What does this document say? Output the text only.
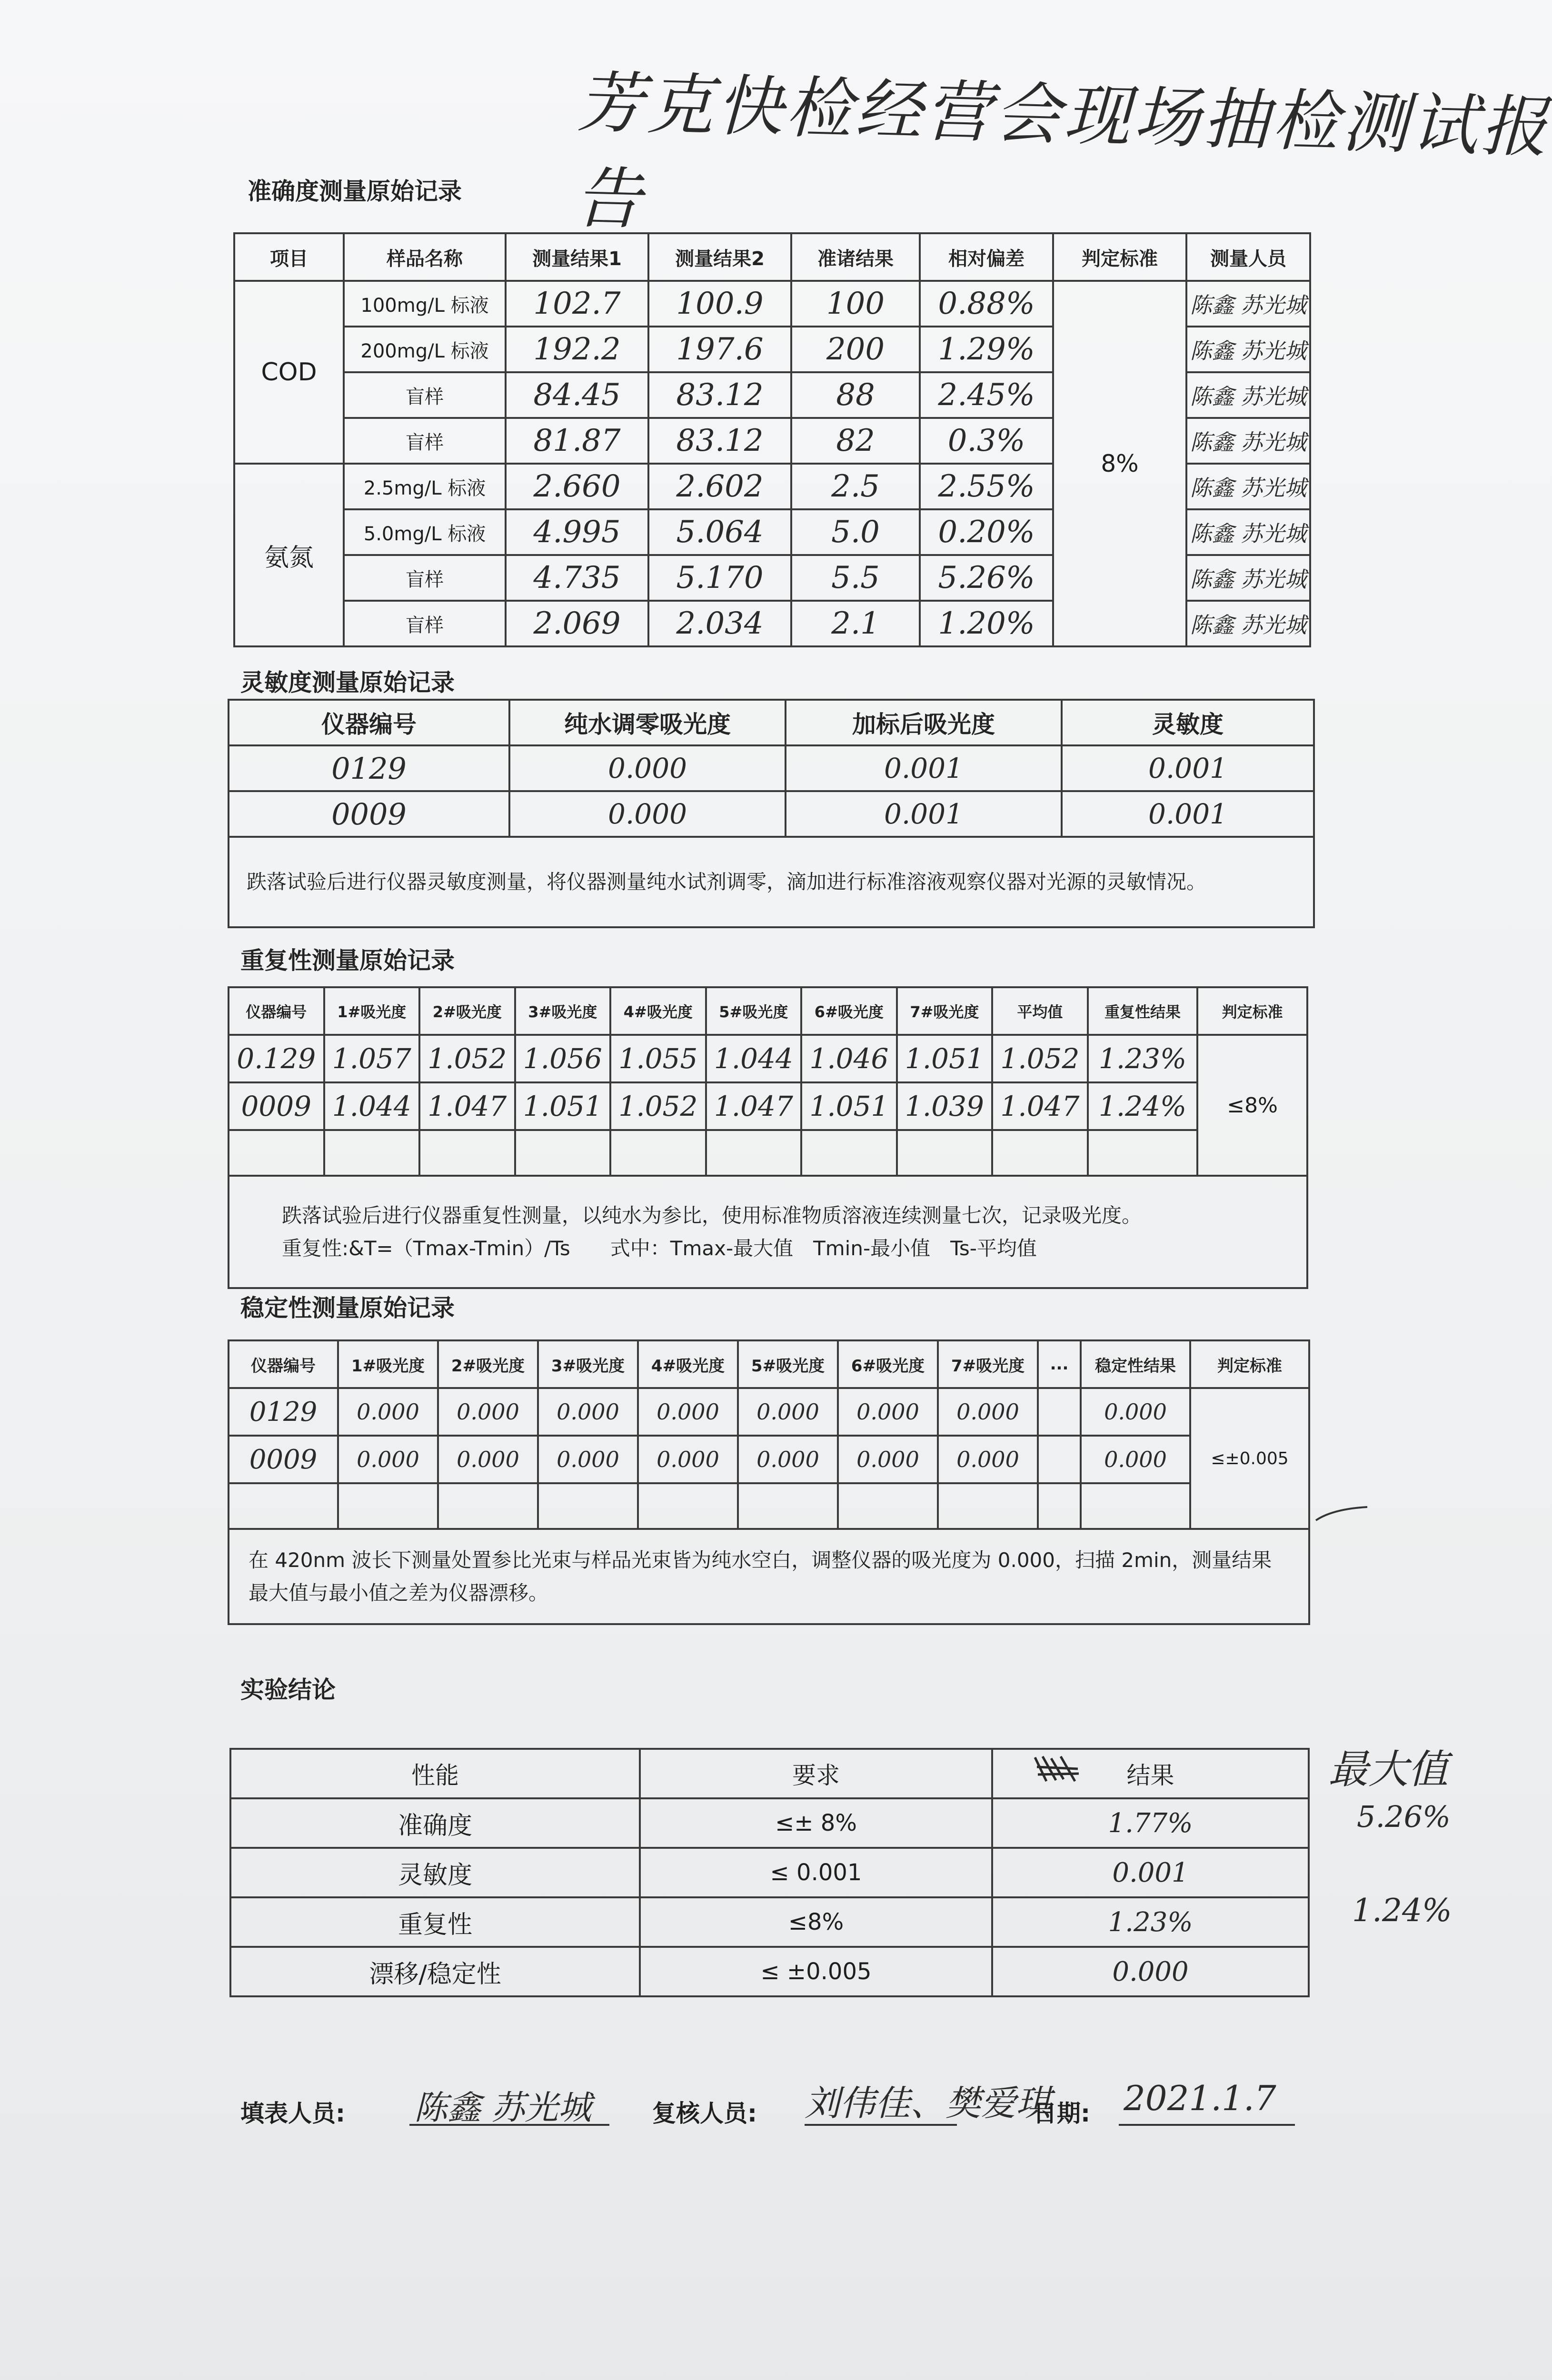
芳克快检经营会现场抽检测试报告
准确度测量原始记录
项目	样品名称	测量结果1	测量结果2	准诸结果	相对偏差	判定标准	测量人员
COD	100mg/L 标液	102.7	100.9	100	0.88%	8%	陈鑫 苏光城
	200mg/L 标液	192.2	197.6	200	1.29%		陈鑫 苏光城
	盲样	84.45	83.12	88	2.45%		陈鑫 苏光城
	盲样	81.87	83.12	82	0.3%		陈鑫 苏光城
氨氮	2.5mg/L 标液	2.660	2.602	2.5	2.55%		陈鑫 苏光城
	5.0mg/L 标液	4.995	5.064	5.0	0.20%		陈鑫 苏光城
	盲样	4.735	5.170	5.5	5.26%		陈鑫 苏光城
	盲样	2.069	2.034	2.1	1.20%		陈鑫 苏光城
灵敏度测量原始记录
仪器编号	纯水调零吸光度	加标后吸光度	灵敏度
0129	0.000	0.001	0.001
0009	0.000	0.001	0.001
跌落试验后进行仪器灵敏度测量，将仪器测量纯水试剂调零，滴加进行标准溶液观察仪器对光源的灵敏情况。			
重复性测量原始记录
仪器编号	1#吸光度	2#吸光度	3#吸光度	4#吸光度	5#吸光度	6#吸光度	7#吸光度	平均值	重复性结果	判定标准
0.129	1.057	1.052	1.056	1.055	1.044	1.046	1.051	1.052	1.23%	≤8%
0009	1.044	1.047	1.051	1.052	1.047	1.051	1.039	1.047	1.24%	

跌落试验后进行仪器重复性测量，以纯水为参比，使用标准物质溶液连续测量七次，记录吸光度。
重复性:&T=（Tmax-Tmin）/Ts　　式中：Tmax-最大值　Tmin-最小值　Ts-平均值										
稳定性测量原始记录
仪器编号	1#吸光度	2#吸光度	3#吸光度	4#吸光度	5#吸光度	6#吸光度	7#吸光度	...	稳定性结果	判定标准
0129	0.000	0.000	0.000	0.000	0.000	0.000	0.000		0.000	≤±0.005
0009	0.000	0.000	0.000	0.000	0.000	0.000	0.000		0.000	

在 420nm 波长下测量处置参比光束与样品光束皆为纯水空白，调整仪器的吸光度为 0.000，扫描 2min，测量结果最大值与最小值之差为仪器漂移。										
实验结论
性能	要求	结果
准确度	≤± 8%	1.77%
灵敏度	≤ 0.001	0.001
重复性	≤8%	1.23%
漂移/稳定性	≤ ±0.005	0.000
最大值
5.26%
1.24%
填表人员: 陈鑫 苏光城	复核人员: 刘伟佳、樊爱琪
日期: 2021.1.7
